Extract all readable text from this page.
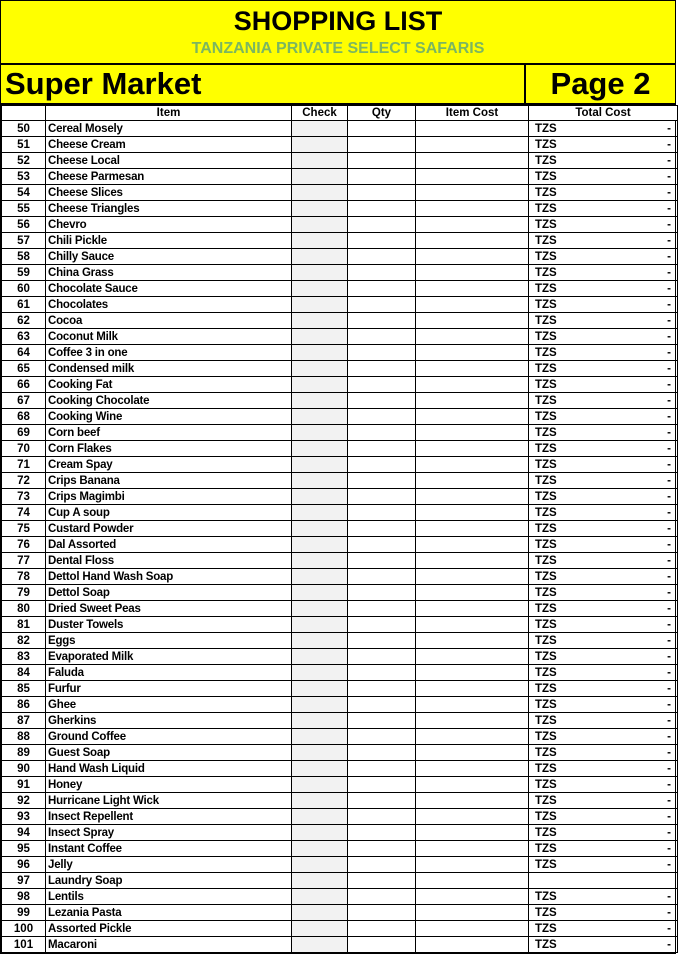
SHOPPING LIST
TANZANIA PRIVATE SELECT SAFARIS
Super Market	Page 2
	Item	Check	Qty	Item Cost	Total Cost
50	Cereal Mosely				TZS -

51	Cheese Cream				TZS -

52	Cheese Local				TZS -

53	Cheese Parmesan				TZS -

54	Cheese Slices				TZS -

55	Cheese Triangles				TZS -

56	Chevro				TZS -

57	Chili Pickle				TZS -

58	Chilly Sauce				TZS -

59	China Grass				TZS -

60	Chocolate Sauce				TZS -

61	Chocolates				TZS -

62	Cocoa				TZS -

63	Coconut Milk				TZS -

64	Coffee 3 in one				TZS -

65	Condensed milk				TZS -

66	Cooking Fat				TZS -

67	Cooking Chocolate				TZS -

68	Cooking Wine				TZS -

69	Corn beef				TZS -

70	Corn Flakes				TZS -

71	Cream Spay				TZS -

72	Crips Banana				TZS -

73	Crips Magimbi				TZS -

74	Cup A soup				TZS -

75	Custard Powder				TZS -

76	Dal Assorted				TZS -

77	Dental Floss				TZS -

78	Dettol Hand Wash Soap				TZS -

79	Dettol Soap				TZS -

80	Dried Sweet Peas				TZS -

81	Duster Towels				TZS -

82	Eggs				TZS -

83	Evaporated Milk				TZS -

84	Faluda				TZS -

85	Furfur				TZS -

86	Ghee				TZS -

87	Gherkins				TZS -

88	Ground Coffee				TZS -

89	Guest Soap				TZS -

90	Hand Wash Liquid				TZS -

91	Honey				TZS -

92	Hurricane Light Wick				TZS -

93	Insect Repellent				TZS -

94	Insect Spray				TZS -

95	Instant Coffee				TZS -

96	Jelly				TZS -

97	Laundry Soap				
98	Lentils				TZS -

99	Lezania Pasta				TZS -

100	Assorted Pickle				TZS -

101	Macaroni				TZS -
